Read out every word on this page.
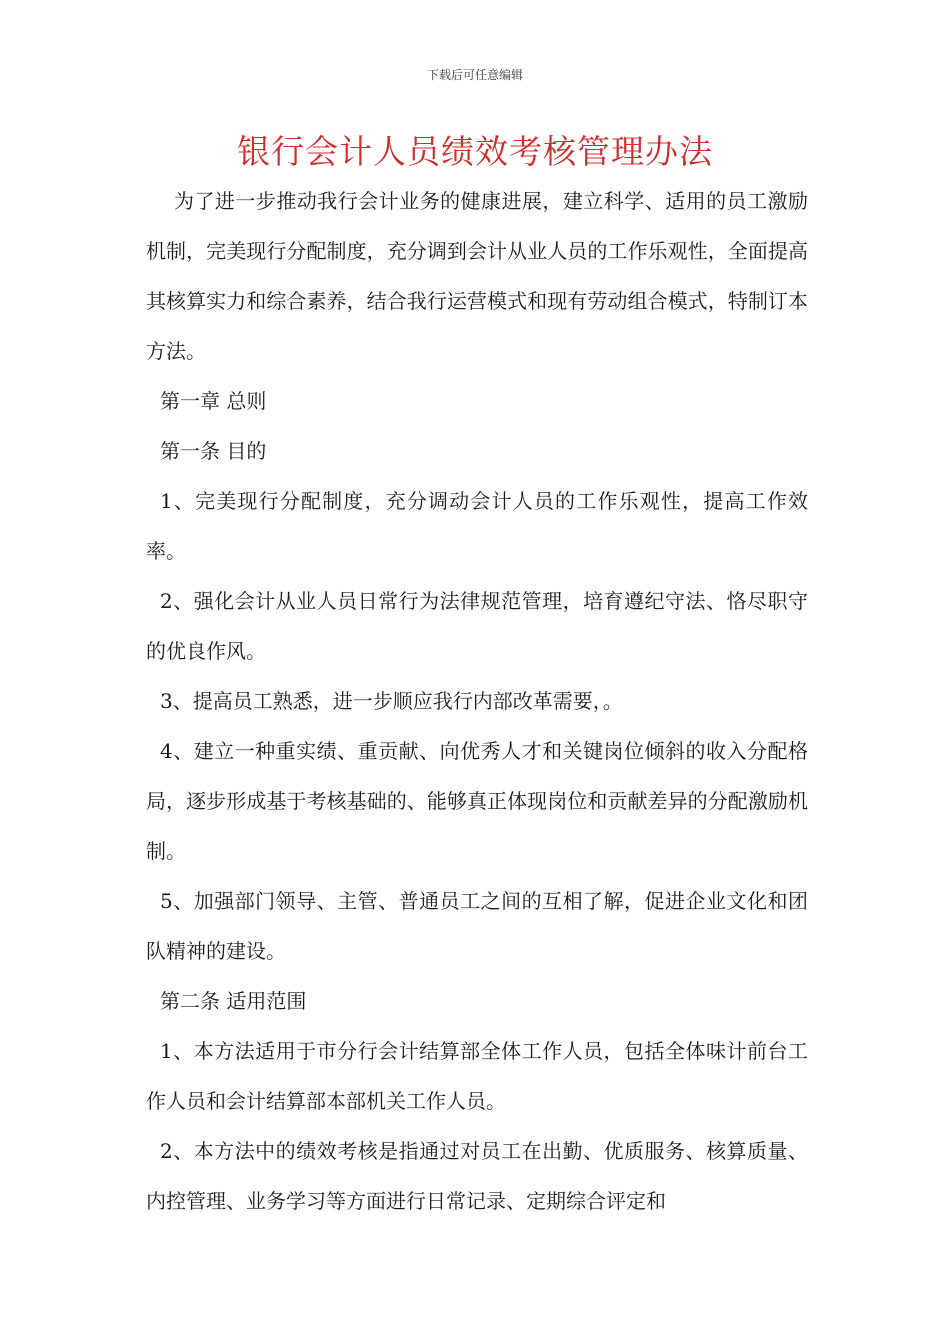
下载后可任意编辑
银行会计人员绩效考核管理办法

为了进一步推动我行会计业务的健康进展，建立科学、适用的员工激励机制，完美现行分配制度，充分调到会计从业人员的工作乐观性，全面提高其核算实力和综合素养，结合我行运营模式和现有劳动组合模式，特制订本方法。

第一章 总则

第一条 目的

1、完美现行分配制度，充分调动会计人员的工作乐观性，提高工作效率。

2、强化会计从业人员日常行为法律规范管理，培育遵纪守法、恪尽职守的优良作风。

3、提高员工熟悉，进一步顺应我行内部改革需要，。

4、建立一种重实绩、重贡献、向优秀人才和关键岗位倾斜的收入分配格局，逐步形成基于考核基础的、能够真正体现岗位和贡献差异的分配激励机制。

5、加强部门领导、主管、普通员工之间的互相了解，促进企业文化和团队精神的建设。

第二条 适用范围

1、本方法适用于市分行会计结算部全体工作人员，包括全体味计前台工作人员和会计结算部本部机关工作人员。

2、本方法中的绩效考核是指通过对员工在出勤、优质服务、核算质量、内控管理、业务学习等方面进行日常记录、定期综合评定和
